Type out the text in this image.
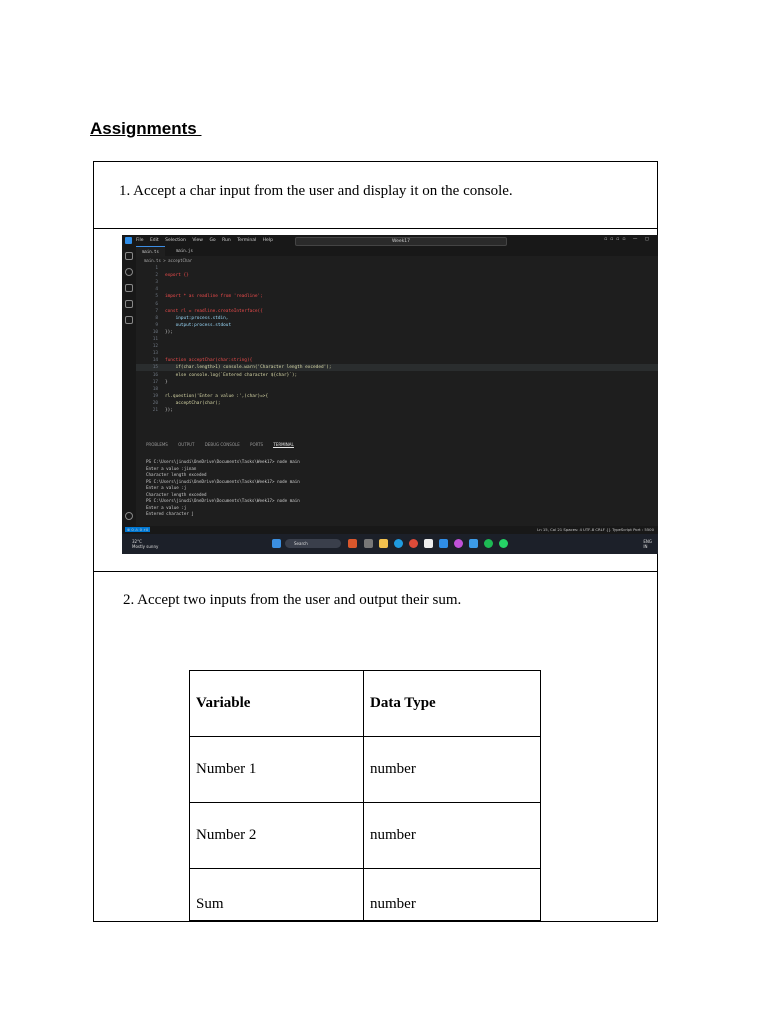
Assignments
1. Accept a char input from the user and display it on the console.
File Edit Selection View Go Run Terminal Help	Week17	▫▫▫▫ — ▢
main.ts	main.js
main.ts > acceptChar
1
2 export {}
3
4
5 import * as readline from 'readline';
6
7 const rl = readline.createInterface({
8 input:process.stdin,
9 output:process.stdout
10 });
11
12
13
14 function acceptChar(char:string){
15 if(char.length>1) console.warn('Character length exceded');
16 else console.log(`Entered character ${char}`);
17 }
18
19 rl.question('Enter a value :',(char)=>{
20 acceptChar(char);
21 });
PROBLEMS	OUTPUT	DEBUG CONSOLE	PORTS	TERMINAL
PS C:\Users\jinudi\OneDrive\Documents\Tasks\Week17> node main
Enter a value :jinan
Character length exceded
PS C:\Users\jinudi\OneDrive\Documents\Tasks\Week17> node main
Enter a value :j
Character length exceded
PS C:\Users\jinudi\OneDrive\Documents\Tasks\Week17> node main
Enter a value :j
Entered character j
⊗ 0 ⚠ 0 ⚡0	Ln 15, Col 21 Spaces: 4 UTF-8 CRLF {} TypeScript Port : 5500
32°C
Mostly sunny
Search	ENG
IN
2. Accept two inputs from the user and output their sum.
Variable	Data Type
Number 1	number
Number 2	number
Sum	number
